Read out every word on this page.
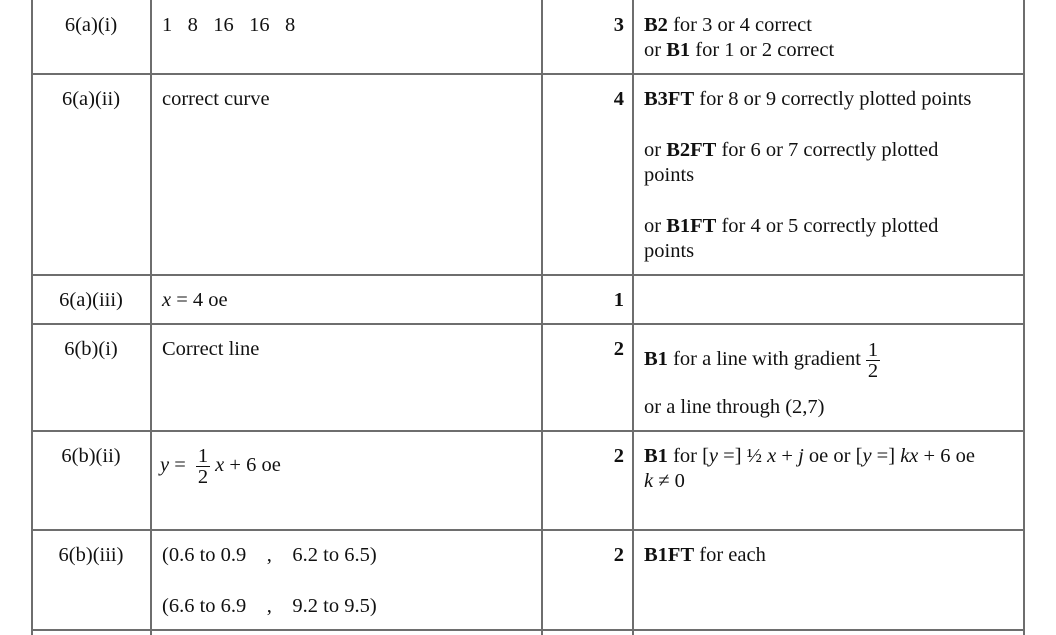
6(a)(i)	1   8   16   16   8	3 B2 for 3 or 4 correct
or B1 for 1 or 2 correct
6(a)(ii)	correct curve	4 B3FT for 8 or 9 correctly plotted points
or B2FT for 6 or 7 correctly plotted
points
or B1FT for 4 or 5 correctly plotted
points
6(a)(iii)	x = 4 oe	1
6(b)(i)	Correct line	2 B1 for a line with gradient $\frac{1}{2}$
or a line through (2,7)
6(b)(ii)	$y = \frac{1}{2}$ x + 6 oe	2 B1 for [y =] ½ x + j oe or [y =] kx + 6 oe
k ≠ 0
6(b)(iii)	(0.6 to 0.9    ,    6.2 to 6.5)
(6.6 to 6.9    ,    9.2 to 9.5)
2 B1FT for each
